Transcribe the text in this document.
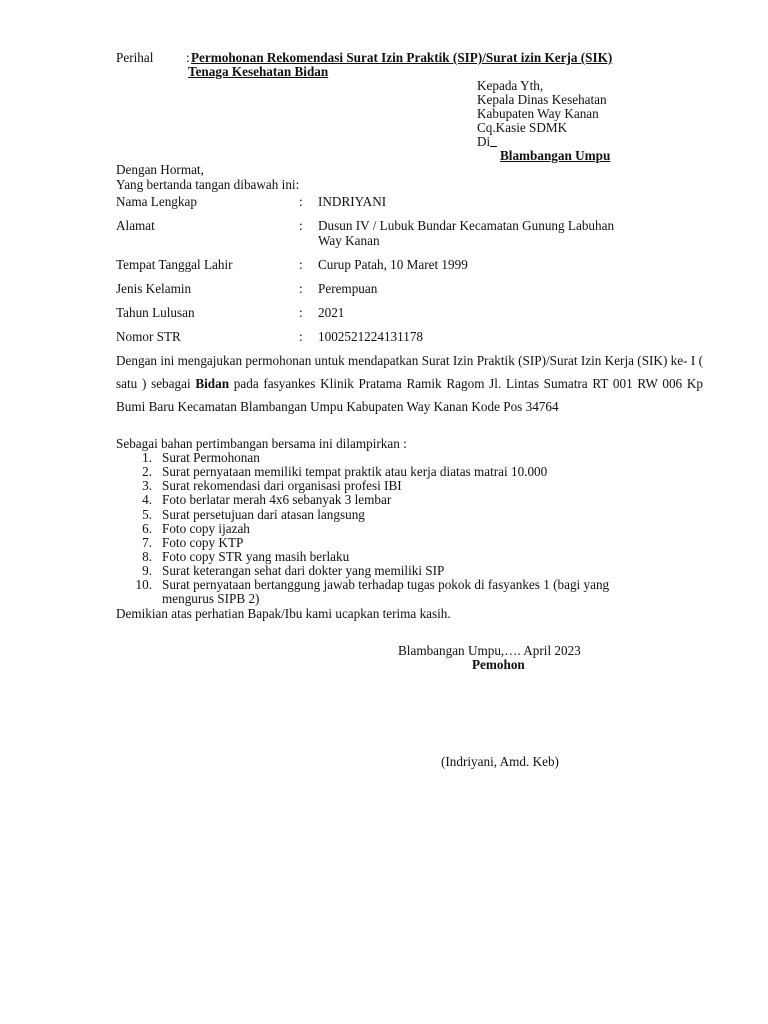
Perihal : Permohonan Rekomendasi Surat Izin Praktik (SIP)/Surat izin Kerja (SIK)
Tenaga Kesehatan Bidan
Kepada Yth,
Kepala Dinas Kesehatan
Kabupaten Way Kanan
Cq.Kasie SDMK
Di
Blambangan Umpu
Dengan Hormat,
Yang bertanda tangan dibawah ini:
Nama Lengkap	: INDRIYANI
Alamat	: Dusun IV / Lubuk Bundar Kecamatan Gunung Labuhan
Way Kanan
Tempat Tanggal Lahir	: Curup Patah, 10 Maret 1999
Jenis Kelamin	: Perempuan
Tahun Lulusan	: 2021
Nomor STR	: 1002521224131178
Dengan ini mengajukan permohonan untuk mendapatkan Surat Izin Praktik (SIP)/Surat Izin Kerja (SIK) ke- I ( satu ) sebagai Bidan pada fasyankes Klinik Pratama Ramik Ragom Jl. Lintas Sumatra RT 001 RW 006 Kp Bumi Baru Kecamatan Blambangan Umpu Kabupaten Way Kanan Kode Pos 34764
Sebagai bahan pertimbangan bersama ini dilampirkan :
1. Surat Permohonan
2. Surat pernyataan memiliki tempat praktik atau kerja diatas matrai 10.000
3. Surat rekomendasi dari organisasi profesi IBI
4. Foto berlatar merah 4x6 sebanyak 3 lembar
5. Surat persetujuan dari atasan langsung
6. Foto copy ijazah
7. Foto copy KTP
8. Foto copy STR yang masih berlaku
9. Surat keterangan sehat dari dokter yang memiliki SIP
10. Surat pernyataan bertanggung jawab terhadap tugas pokok di fasyankes 1 (bagi yang
mengurus SIPB 2)
Demikian atas perhatian Bapak/Ibu kami ucapkan terima kasih.
Blambangan Umpu,…. April 2023
Pemohon
(Indriyani, Amd. Keb)
